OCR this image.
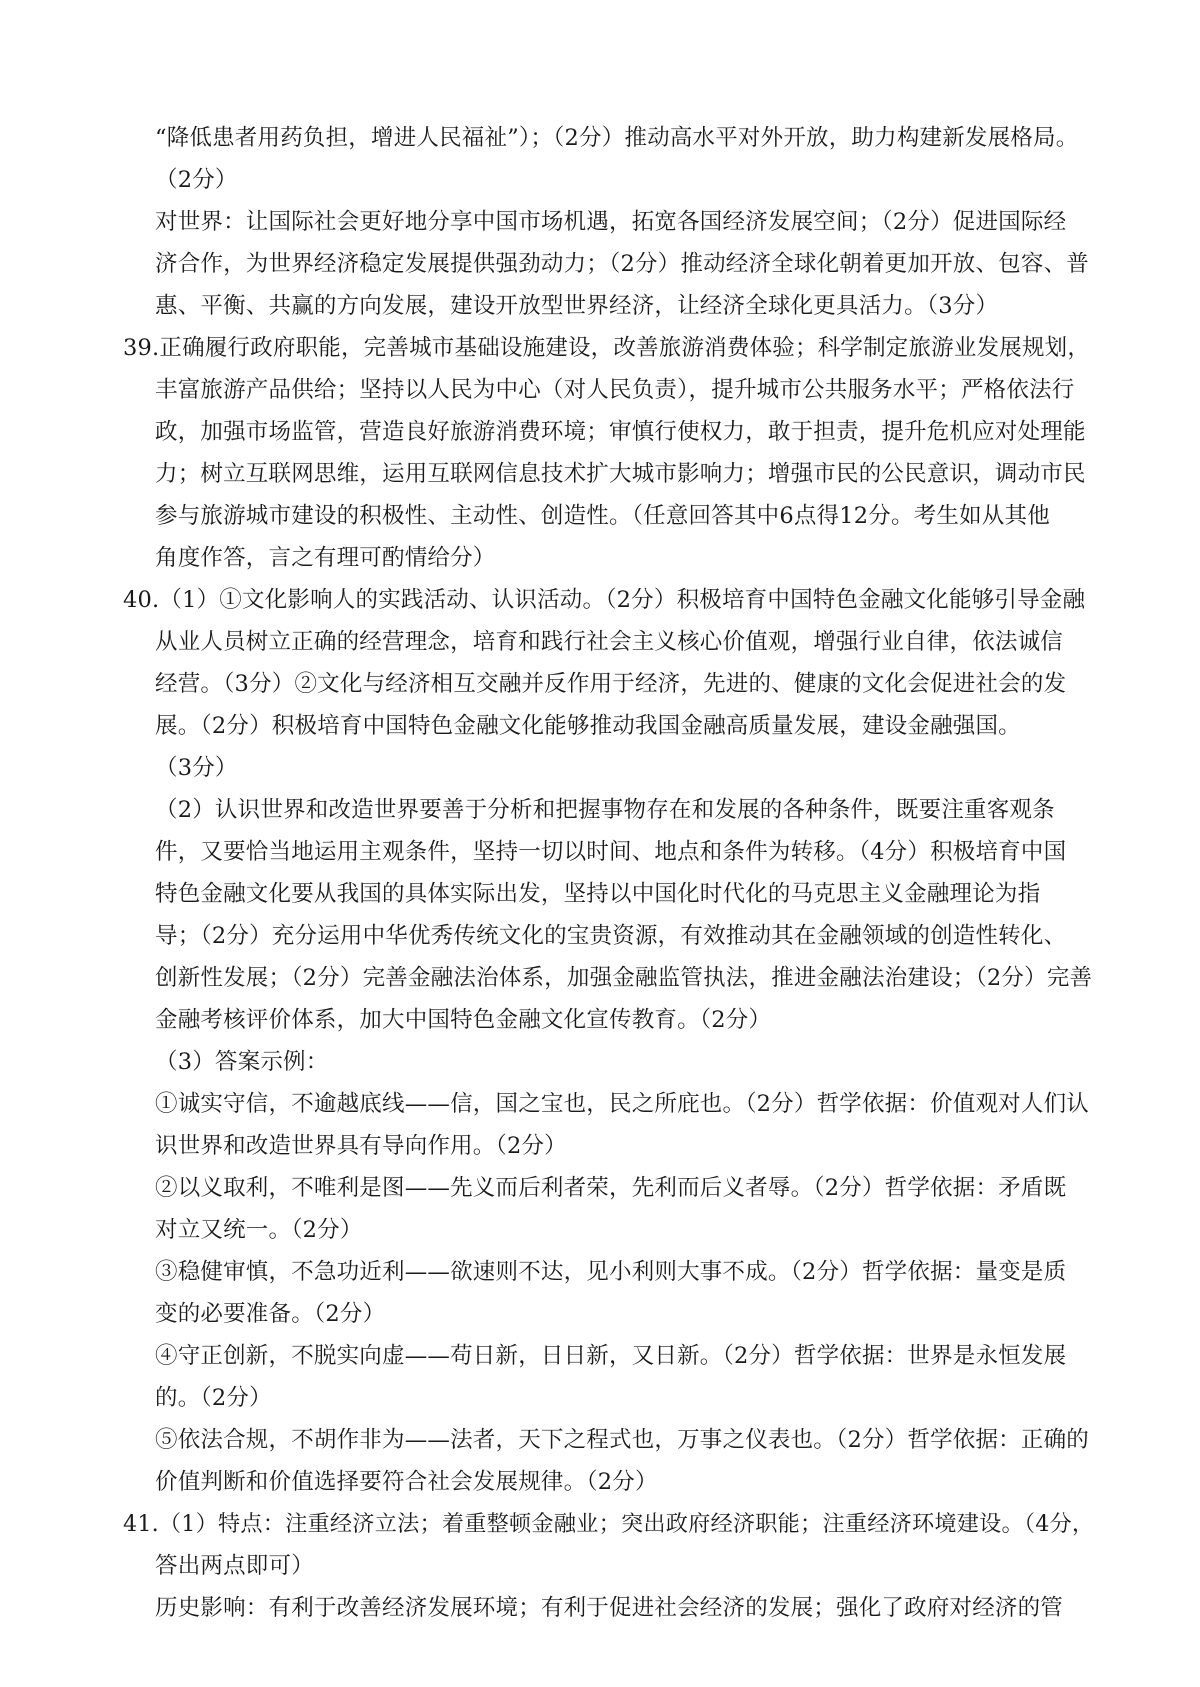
“降低患者用药负担，增进人民福祉”）；（2分）推动高水平对外开放，助力构建新发展格局。
（2分）
对世界：让国际社会更好地分享中国市场机遇，拓宽各国经济发展空间；（2分）促进国际经
济合作，为世界经济稳定发展提供强劲动力；（2分）推动经济全球化朝着更加开放、包容、普
惠、平衡、共赢的方向发展，建设开放型世界经济，让经济全球化更具活力。（3分）
39.正确履行政府职能，完善城市基础设施建设，改善旅游消费体验；科学制定旅游业发展规划，
丰富旅游产品供给；坚持以人民为中心（对人民负责），提升城市公共服务水平；严格依法行
政，加强市场监管，营造良好旅游消费环境；审慎行使权力，敢于担责，提升危机应对处理能
力；树立互联网思维，运用互联网信息技术扩大城市影响力；增强市民的公民意识，调动市民
参与旅游城市建设的积极性、主动性、创造性。（任意回答其中6点得12分。考生如从其他
角度作答，言之有理可酌情给分）
40.（1）①文化影响人的实践活动、认识活动。（2分）积极培育中国特色金融文化能够引导金融
从业人员树立正确的经营理念，培育和践行社会主义核心价值观，增强行业自律，依法诚信
经营。（3分）②文化与经济相互交融并反作用于经济，先进的、健康的文化会促进社会的发
展。（2分）积极培育中国特色金融文化能够推动我国金融高质量发展，建设金融强国。
（3分）
（2）认识世界和改造世界要善于分析和把握事物存在和发展的各种条件，既要注重客观条
件，又要恰当地运用主观条件，坚持一切以时间、地点和条件为转移。（4分）积极培育中国
特色金融文化要从我国的具体实际出发，坚持以中国化时代化的马克思主义金融理论为指
导；（2分）充分运用中华优秀传统文化的宝贵资源，有效推动其在金融领域的创造性转化、
创新性发展；（2分）完善金融法治体系，加强金融监管执法，推进金融法治建设；（2分）完善
金融考核评价体系，加大中国特色金融文化宣传教育。（2分）
（3）答案示例：
①诚实守信，不逾越底线——信，国之宝也，民之所庇也。（2分）哲学依据：价值观对人们认
识世界和改造世界具有导向作用。（2分）
②以义取利，不唯利是图——先义而后利者荣，先利而后义者辱。（2分）哲学依据：矛盾既
对立又统一。（2分）
③稳健审慎，不急功近利——欲速则不达，见小利则大事不成。（2分）哲学依据：量变是质
变的必要准备。（2分）
④守正创新，不脱实向虚——苟日新，日日新，又日新。（2分）哲学依据：世界是永恒发展
的。（2分）
⑤依法合规，不胡作非为——法者，天下之程式也，万事之仪表也。（2分）哲学依据：正确的
价值判断和价值选择要符合社会发展规律。（2分）
41.（1）特点：注重经济立法；着重整顿金融业；突出政府经济职能；注重经济环境建设。（4分，
答出两点即可）
历史影响：有利于改善经济发展环境；有利于促进社会经济的发展；强化了政府对经济的管
